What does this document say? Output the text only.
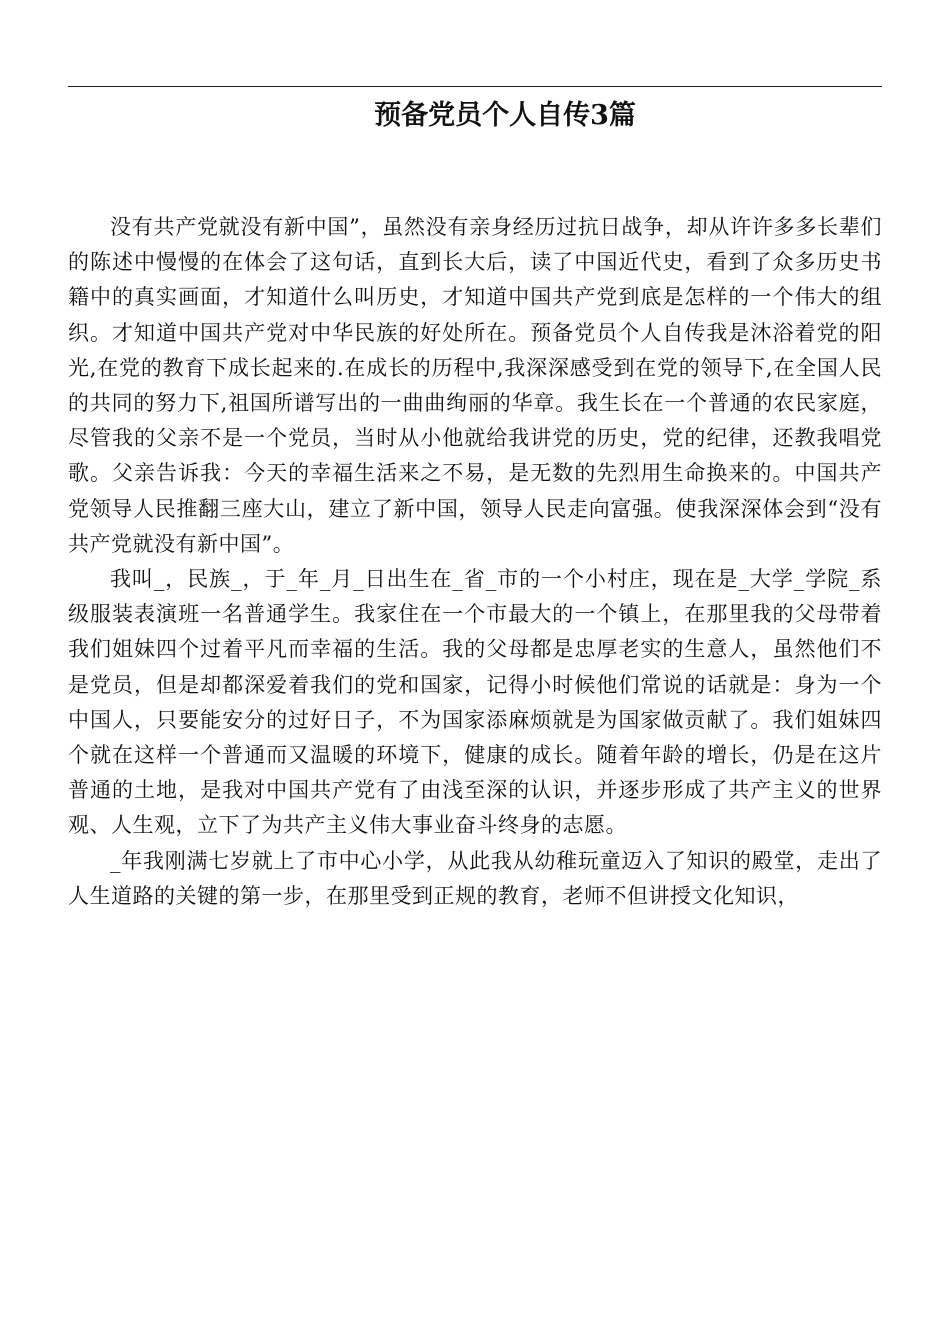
预备党员个人自传3篇

没有共产党就没有新中国”，虽然没有亲身经历过抗日战争，却从许许多多长辈们的陈述中慢慢的在体会了这句话，直到长大后，读了中国近代史，看到了众多历史书籍中的真实画面，才知道什么叫历史，才知道中国共产党到底是怎样的一个伟大的组织。才知道中国共产党对中华民族的好处所在。预备党员个人自传我是沐浴着党的阳光,在党的教育下成长起来的.在成长的历程中,我深深感受到在党的领导下,在全国人民的共同的努力下,祖国所谱写出的一曲曲绚丽的华章。我生长在一个普通的农民家庭，尽管我的父亲不是一个党员，当时从小他就给我讲党的历史，党的纪律，还教我唱党歌。父亲告诉我：今天的幸福生活来之不易，是无数的先烈用生命换来的。中国共产党领导人民推翻三座大山，建立了新中国，领导人民走向富强。使我深深体会到“没有共产党就没有新中国”。

我叫_，民族_，于_年_月_日出生在_省_市的一个小村庄，现在是_大学_学院_系级服装表演班一名普通学生。我家住在一个市最大的一个镇上，在那里我的父母带着我们姐妹四个过着平凡而幸福的生活。我的父母都是忠厚老实的生意人，虽然他们不是党员，但是却都深爱着我们的党和国家，记得小时候他们常说的话就是：身为一个中国人，只要能安分的过好日子，不为国家添麻烦就是为国家做贡献了。我们姐妹四个就在这样一个普通而又温暖的环境下，健康的成长。随着年龄的增长，仍是在这片普通的土地，是我对中国共产党有了由浅至深的认识，并逐步形成了共产主义的世界观、人生观，立下了为共产主义伟大事业奋斗终身的志愿。

_年我刚满七岁就上了市中心小学，从此我从幼稚玩童迈入了知识的殿堂，走出了人生道路的关键的第一步，在那里受到正规的教育，老师不但讲授文化知识，
